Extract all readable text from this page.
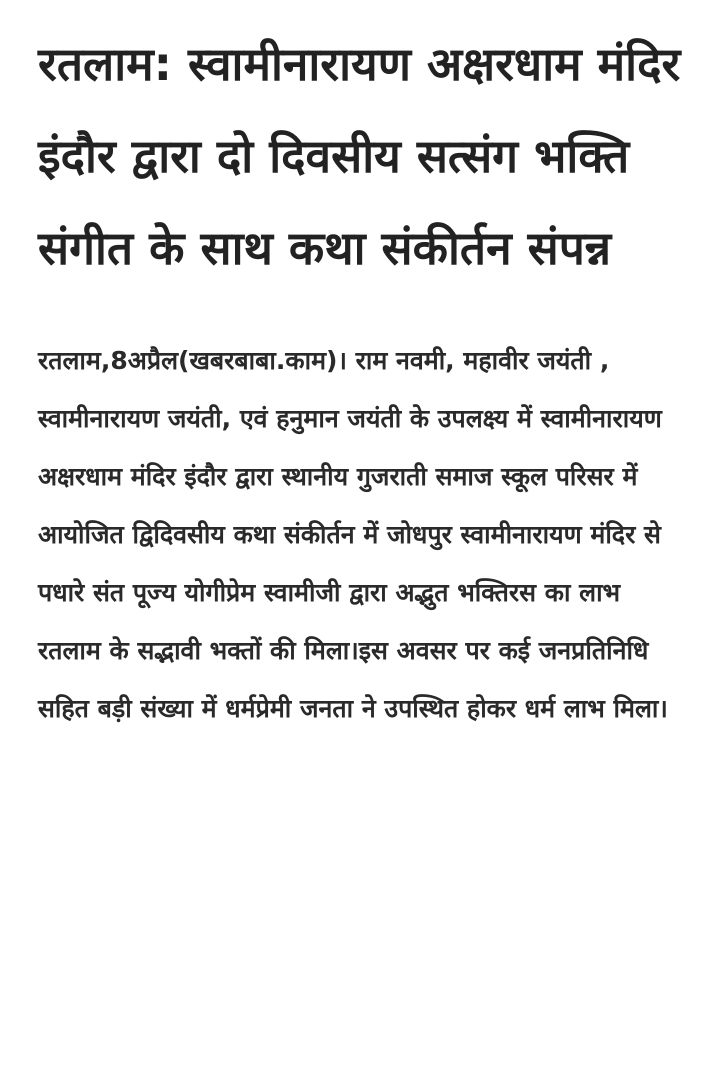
रतलाम: स्वामीनारायण अक्षरधाम मंदिर इंदौर द्वारा दो दिवसीय सत्संग भक्ति संगीत के साथ कथा संकीर्तन संपन्न

रतलाम,8अप्रैल(खबरबाबा.काम)। राम नवमी, महावीर जयंती , स्वामीनारायण जयंती, एवं हनुमान जयंती के उपलक्ष्य में स्वामीनारायण अक्षरधाम मंदिर इंदौर द्वारा स्थानीय गुजराती समाज स्कूल परिसर में आयोजित द्विदिवसीय कथा संकीर्तन में जोधपुर स्वामीनारायण मंदिर से पधारे संत पूज्य योगीप्रेम स्वामीजी द्वारा अद्भुत भक्तिरस का लाभ रतलाम के सद्भावी भक्तों की मिला।इस अवसर पर कई जनप्रतिनिधि सहित बड़ी संख्या में धर्मप्रेमी जनता ने उपस्थित होकर धर्म लाभ मिला।
